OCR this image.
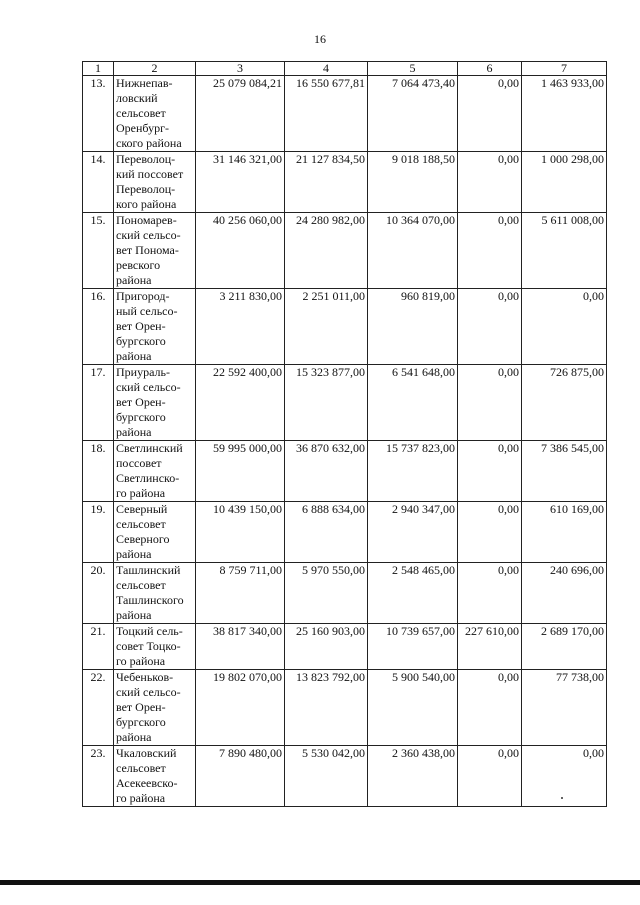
16
1	2	3	4	5	6	7
13.	Нижнепав-
ловский
сельсовет
Оренбург-
ского района	25 079 084,21	16 550 677,81	7 064 473,40	0,00	1 463 933,00
14.	Переволоц-
кий поссовет
Переволоц-
кого района	31 146 321,00	21 127 834,50	9 018 188,50	0,00	1 000 298,00
15.	Пономарев-
ский сельсо-
вет Понома-
ревского
района	40 256 060,00	24 280 982,00	10 364 070,00	0,00	5 611 008,00
16.	Пригород-
ный сельсо-
вет Орен-
бургского
района	3 211 830,00	2 251 011,00	960 819,00	0,00	0,00
17.	Приураль-
ский сельсо-
вет Орен-
бургского
района	22 592 400,00	15 323 877,00	6 541 648,00	0,00	726 875,00
18.	Светлинский
поссовет
Светлинско-
го района	59 995 000,00	36 870 632,00	15 737 823,00	0,00	7 386 545,00
19.	Северный
сельсовет
Северного
района	10 439 150,00	6 888 634,00	2 940 347,00	0,00	610 169,00
20.	Ташлинский
сельсовет
Ташлинского
района	8 759 711,00	5 970 550,00	2 548 465,00	0,00	240 696,00
21.	Тоцкий сель-
совет Тоцко-
го района	38 817 340,00	25 160 903,00	10 739 657,00	227 610,00	2 689 170,00
22.	Чебеньков-
ский сельсо-
вет Орен-
бургского
района	19 802 070,00	13 823 792,00	5 900 540,00	0,00	77 738,00
23.	Чкаловский
сельсовет
Асекеевско-
го района	7 890 480,00	5 530 042,00	2 360 438,00	0,00	0,00
